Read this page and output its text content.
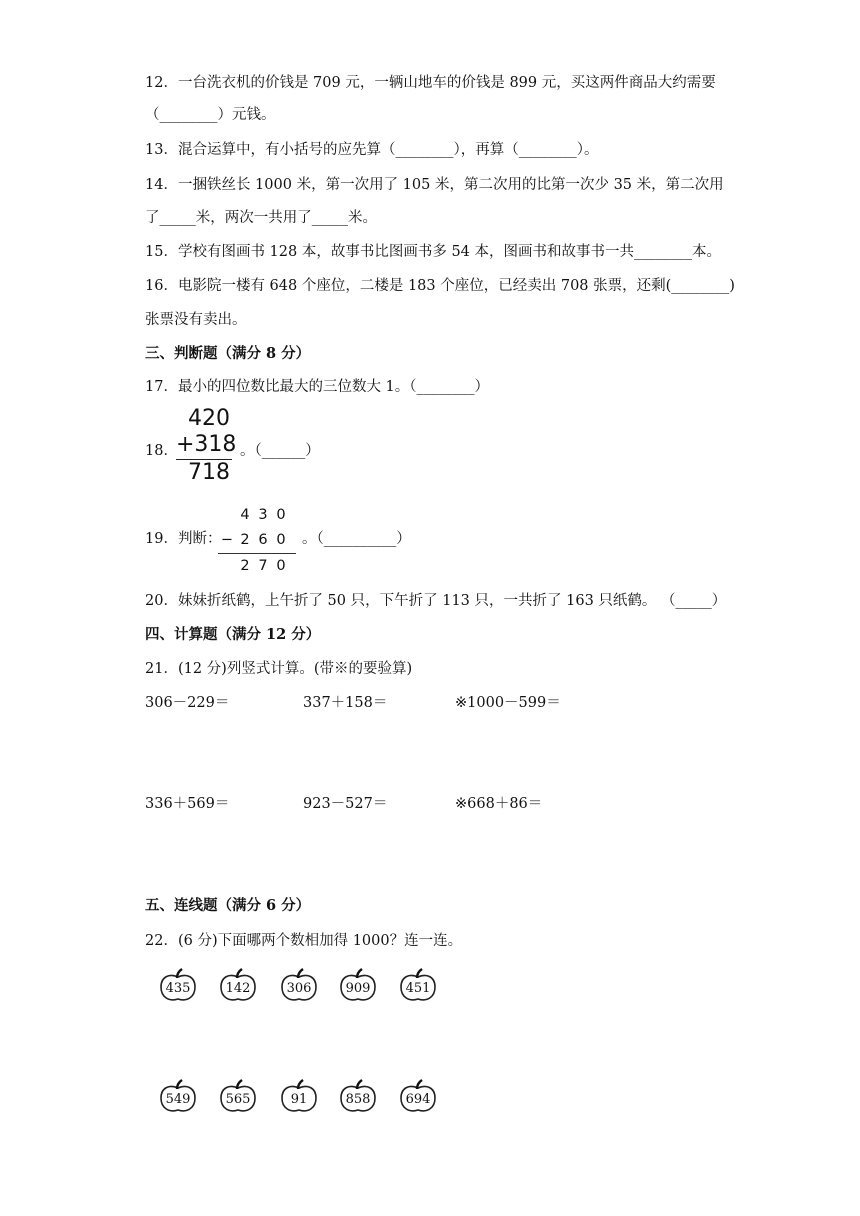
12．一台洗衣机的价钱是 709 元，一辆山地车的价钱是 899 元，买这两件商品大约需要
（________）元钱。
13．混合运算中，有小括号的应先算（________），再算（________）。
14．一捆铁丝长 1000 米，第一次用了 105 米，第二次用的比第一次少 35 米，第二次用
了_____米，两次一共用了_____米。
15．学校有图画书 128 本，故事书比图画书多 54 本，图画书和故事书一共________本。
16．电影院一楼有 648 个座位，二楼是 183 个座位，已经卖出 708 张票，还剩(________)
张票没有卖出。
三、判断题（满分 8 分）
17．最小的四位数比最大的三位数大 1。（________）
18．
420
+318
718
。（______）
19．判断：
4 3 0
− 2 6 0
2 7 0
。（__________）
20．妹妹折纸鹤，上午折了 50 只，下午折了 113 只，一共折了 163 只纸鹤。 （_____）
四、计算题（满分 12 分）
21．(12 分)列竖式计算。(带※的要验算)
306－229＝	337＋158＝	※1000－599＝
336＋569＝	923－527＝	※668＋86＝
五、连线题（满分 6 分）
22．(6 分)下面哪两个数相加得 1000？连一连。
435	142	306	909	451
549	565	91	858	694
